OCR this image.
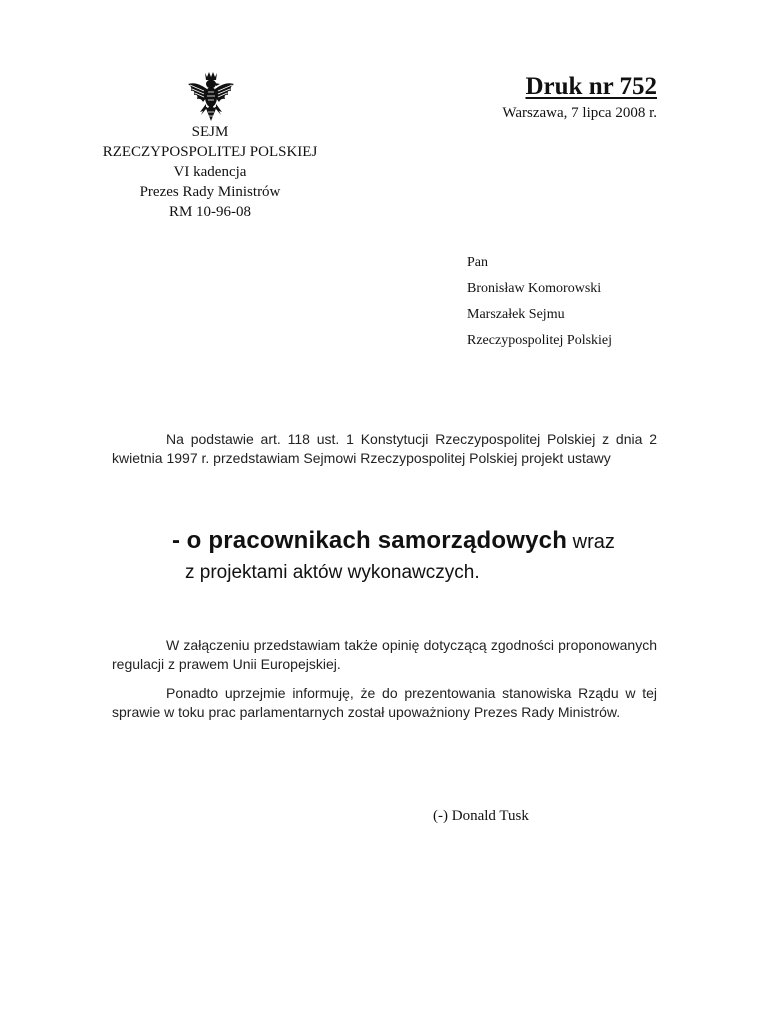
SEJM
RZECZYPOSPOLITEJ POLSKIEJ
VI kadencja
Prezes Rady Ministrów
RM 10-96-08
Druk nr 752
Warszawa, 7 lipca 2008 r.
Pan
Bronisław Komorowski
Marszałek Sejmu
Rzeczypospolitej Polskiej

Na podstawie art. 118 ust. 1 Konstytucji Rzeczypospolitej Polskiej z dnia 2 kwietnia 1997 r. przedstawiam Sejmowi Rzeczypospolitej Polskiej projekt ustawy

- o pracownikach samorządowych wraz
z projektami aktów wykonawczych.

W załączeniu przedstawiam także opinię dotyczącą zgodności proponowanych regulacji z prawem Unii Europejskiej.

Ponadto uprzejmie informuję, że do prezentowania stanowiska Rządu w tej sprawie w toku prac parlamentarnych został upoważniony Prezes Rady Ministrów.

(-) Donald Tusk
